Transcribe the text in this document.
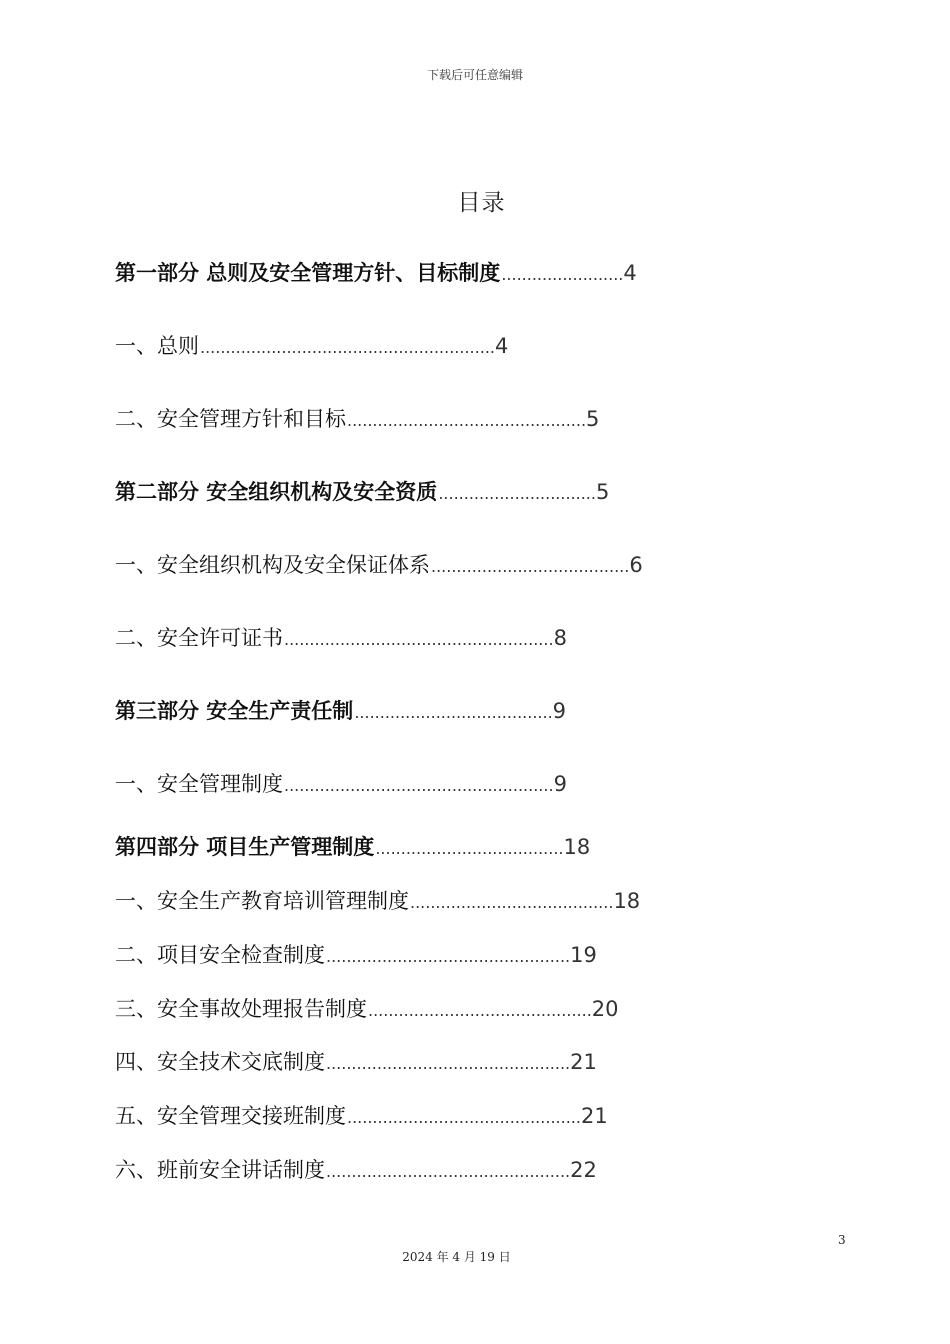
下载后可任意编辑
目录
第一部分 总则及安全管理方针、目标制度 ........................ 4
一、总则 .......................................................... 4
二、安全管理方针和目标 ............................................... 5
第二部分 安全组织机构及安全资质 ............................... 5
一、安全组织机构及安全保证体系 ....................................... 6
二、安全许可证书 ..................................................... 8
第三部分 安全生产责任制 ....................................... 9
一、安全管理制度 ..................................................... 9
第四部分 项目生产管理制度 ..................................... 18
一、安全生产教育培训管理制度 ........................................ 18
二、项目安全检查制度 ................................................ 19
三、安全事故处理报告制度 ............................................ 20
四、安全技术交底制度 ................................................ 21
五、安全管理交接班制度 .............................................. 21
六、班前安全讲话制度 ................................................ 22
3
2024 年 4 月 19 日
